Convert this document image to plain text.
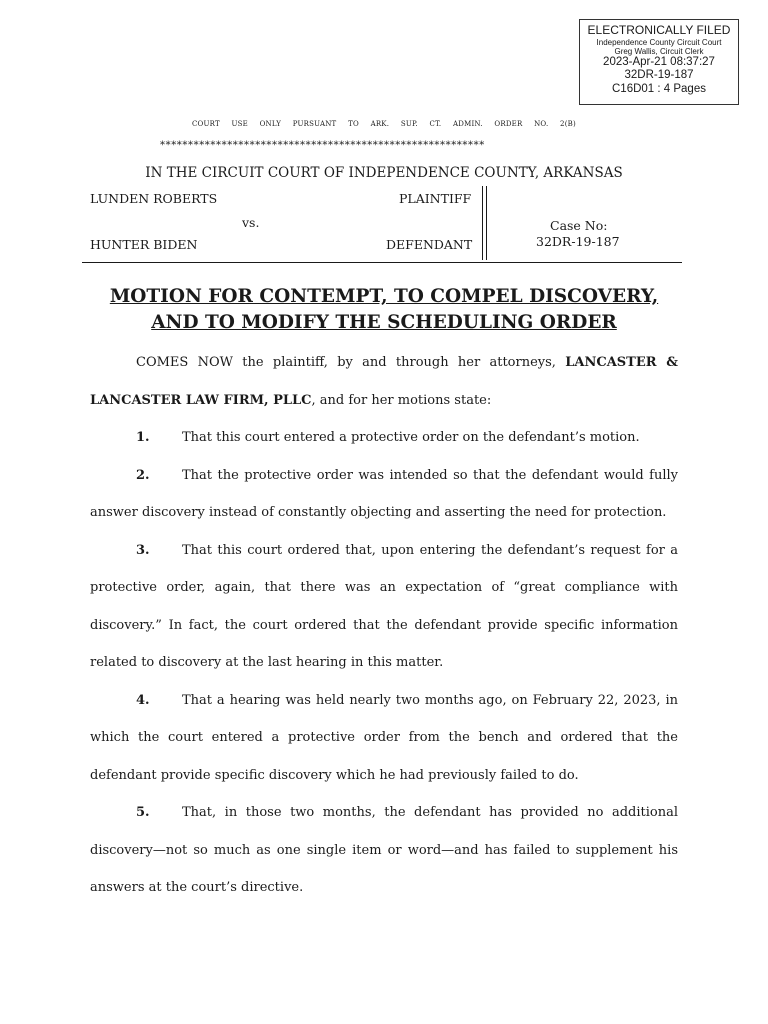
ELECTRONICALLY FILED
Independence County Circuit Court
Greg Wallis, Circuit Clerk
2023-Apr-21 08:37:27
32DR-19-187
C16D01 : 4 Pages
COURT USE ONLY PURSUANT TO ARK. SUP. CT. ADMIN. ORDER NO. 2(B)
**********************************************************
IN THE CIRCUIT COURT OF INDEPENDENCE COUNTY, ARKANSAS
LUNDEN ROBERTS	PLAINTIFF
vs.
HUNTER BIDEN	DEFENDANT
Case No:
32DR-19-187
MOTION FOR CONTEMPT, TO COMPEL DISCOVERY,
AND TO MODIFY THE SCHEDULING ORDER

COMES NOW the plaintiff, by and through her attorneys, LANCASTER & LANCASTER LAW FIRM, PLLC, and for her motions state:

1. That this court entered a protective order on the defendant’s motion.

2. That the protective order was intended so that the defendant would fully answer discovery instead of constantly objecting and asserting the need for protection.

3. That this court ordered that, upon entering the defendant’s request for a protective order, again, that there was an expectation of “great compliance with discovery.” In fact, the court ordered that the defendant provide specific information related to discovery at the last hearing in this matter.

4. That a hearing was held nearly two months ago, on February 22, 2023, in which the court entered a protective order from the bench and ordered that the defendant provide specific discovery which he had previously failed to do.

5. That, in those two months, the defendant has provided no additional discovery—not so much as one single item or word—and has failed to supplement his answers at the court’s directive.
